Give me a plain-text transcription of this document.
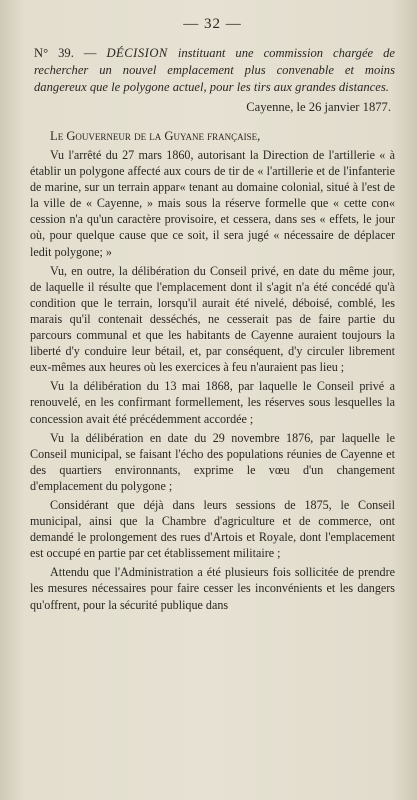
— 32 —

N° 39. — DÉCISION instituant une commission chargée de rechercher un nouvel emplacement plus convenable et moins dangereux que le polygone actuel, pour les tirs aux grandes distances.

Cayenne, le 26 janvier 1877.
Le Gouverneur de la Guyane française,

Vu l'arrêté du 27 mars 1860, autorisant la Direction de l'artillerie « à établir un polygone affecté aux cours de tir de « l'artillerie et de l'infanterie de marine, sur un terrain appar« tenant au domaine colonial, situé à l'est de la ville de « Cayenne, » mais sous la réserve formelle que « cette con« cession n'a qu'un caractère provisoire, et cessera, dans ses « effets, le jour où, pour quelque cause que ce soit, il sera jugé « nécessaire de déplacer ledit polygone; »

Vu, en outre, la délibération du Conseil privé, en date du même jour, de laquelle il résulte que l'emplacement dont il s'agit n'a été concédé qu'à condition que le terrain, lorsqu'il aurait été nivelé, déboisé, comblé, les marais qu'il contenait desséchés, ne cesserait pas de faire partie du parcours communal et que les habitants de Cayenne auraient toujours la liberté d'y conduire leur bétail, et, par conséquent, d'y circuler librement eux-mêmes aux heures où les exercices à feu n'auraient pas lieu ;

Vu la délibération du 13 mai 1868, par laquelle le Conseil privé a renouvelé, en les confirmant formellement, les réserves sous lesquelles la concession avait été précédemment accordée ;

Vu la délibération en date du 29 novembre 1876, par laquelle le Conseil municipal, se faisant l'écho des populations réunies de Cayenne et des quartiers environnants, exprime le vœu d'un changement d'emplacement du polygone ;

Considérant que déjà dans leurs sessions de 1875, le Conseil municipal, ainsi que la Chambre d'agriculture et de commerce, ont demandé le prolongement des rues d'Artois et Royale, dont l'emplacement est occupé en partie par cet établissement militaire ;

Attendu que l'Administration a été plusieurs fois sollicitée de prendre les mesures nécessaires pour faire cesser les inconvénients et les dangers qu'offrent, pour la sécurité publique dans
